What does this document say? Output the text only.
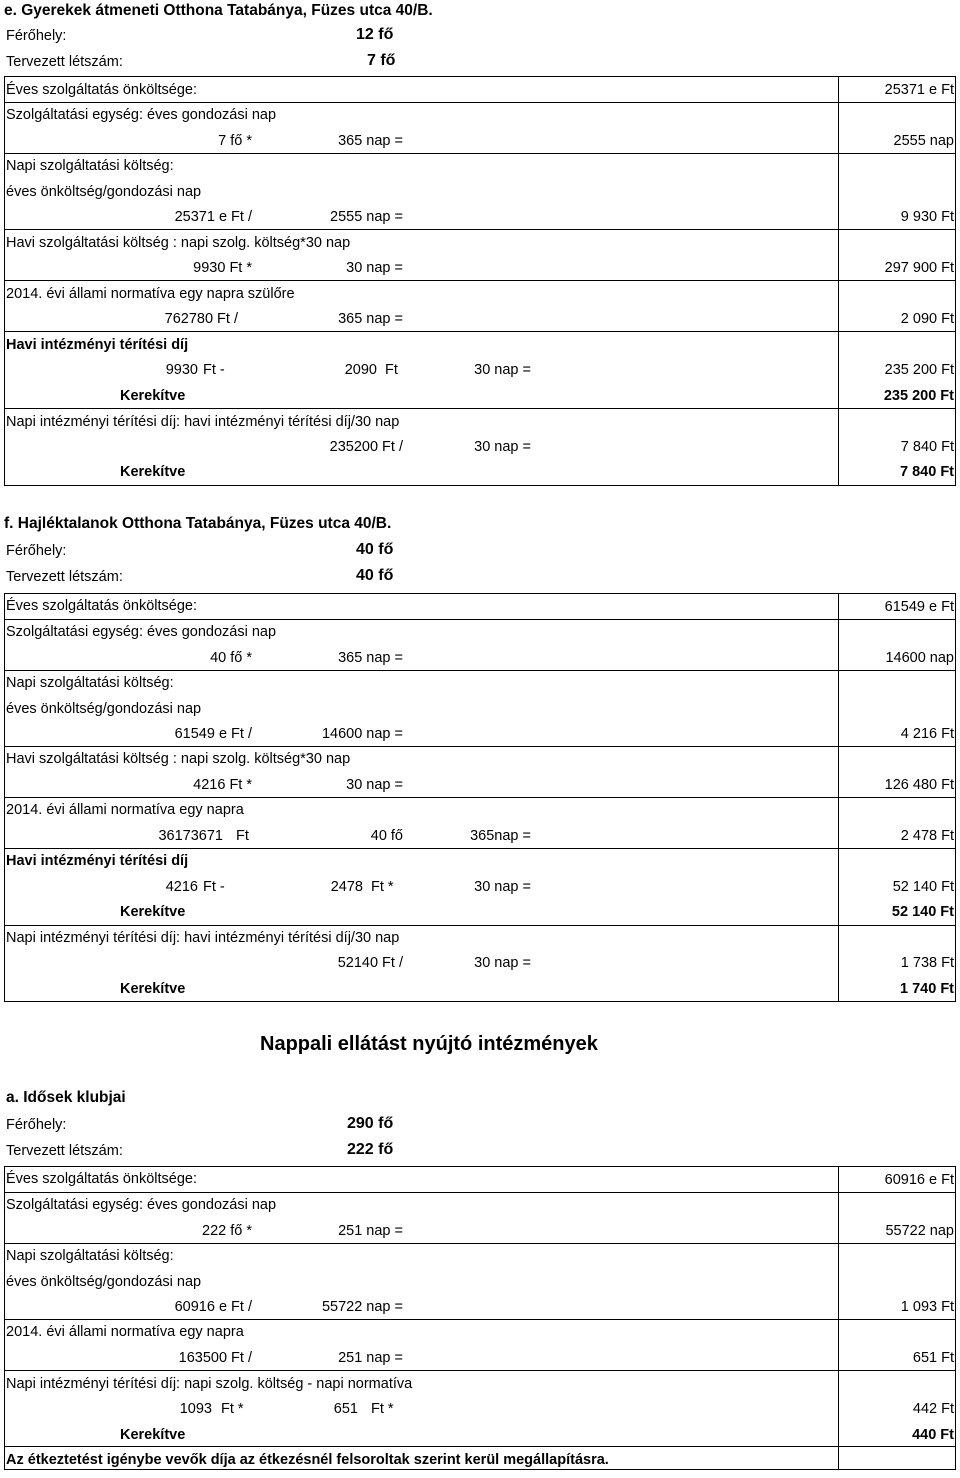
e. Gyerekek átmeneti Otthona Tatabánya, Füzes utca 40/B.
Férőhely:	12 fő
Tervezett létszám:	7 fő
Éves szolgáltatás önköltsége:	25371 e Ft
Szolgáltatási egység: éves gondozási nap
7 fő *	365 nap =	2555 nap
Napi szolgáltatási költség:
éves önköltség/gondozási nap
25371 e Ft /	2555 nap =	9 930 Ft
Havi szolgáltatási költség : napi szolg. költség*30 nap
9930 Ft *	30 nap =	297 900 Ft
2014. évi állami normatíva egy napra szülőre
762780 Ft /	365 nap =	2 090 Ft
Havi intézményi térítési díj
9930 Ft -	2090 Ft	30 nap =	235 200 Ft
Kerekítve	235 200 Ft
Napi intézményi térítési díj: havi intézményi térítési díj/30 nap
235200 Ft /	30 nap =	7 840 Ft
Kerekítve	7 840 Ft
f. Hajléktalanok Otthona Tatabánya, Füzes utca 40/B.
Férőhely:	40 fő
Tervezett létszám:	40 fő
Éves szolgáltatás önköltsége:	61549 e Ft
Szolgáltatási egység: éves gondozási nap
40 fő *	365 nap =	14600 nap
Napi szolgáltatási költség:
éves önköltség/gondozási nap
61549 e Ft /	14600 nap =	4 216 Ft
Havi szolgáltatási költség : napi szolg. költség*30 nap
4216 Ft *	30 nap =	126 480 Ft
2014. évi állami normatíva egy napra
36173671 Ft	40 fő	365nap =	2 478 Ft
Havi intézményi térítési díj
4216 Ft -	2478 Ft *	30 nap =	52 140 Ft
Kerekítve	52 140 Ft
Napi intézményi térítési díj: havi intézményi térítési díj/30 nap
52140 Ft /	30 nap =	1 738 Ft
Kerekítve	1 740 Ft
Nappali ellátást nyújtó intézmények
a. Idősek klubjai
Férőhely:	290 fő
Tervezett létszám:	222 fő
Éves szolgáltatás önköltsége:	60916 e Ft
Szolgáltatási egység: éves gondozási nap
222 fő *	251 nap =	55722 nap
Napi szolgáltatási költség:
éves önköltség/gondozási nap
60916 e Ft /	55722 nap =	1 093 Ft
2014. évi állami normatíva egy napra
163500 Ft /	251 nap =	651 Ft
Napi intézményi térítési díj: napi szolg. költség - napi normatíva
1093 Ft *	651 Ft *	442 Ft
Kerekítve	440 Ft
Az étkeztetést igénybe vevők díja az étkezésnél felsoroltak szerint kerül megállapításra.
